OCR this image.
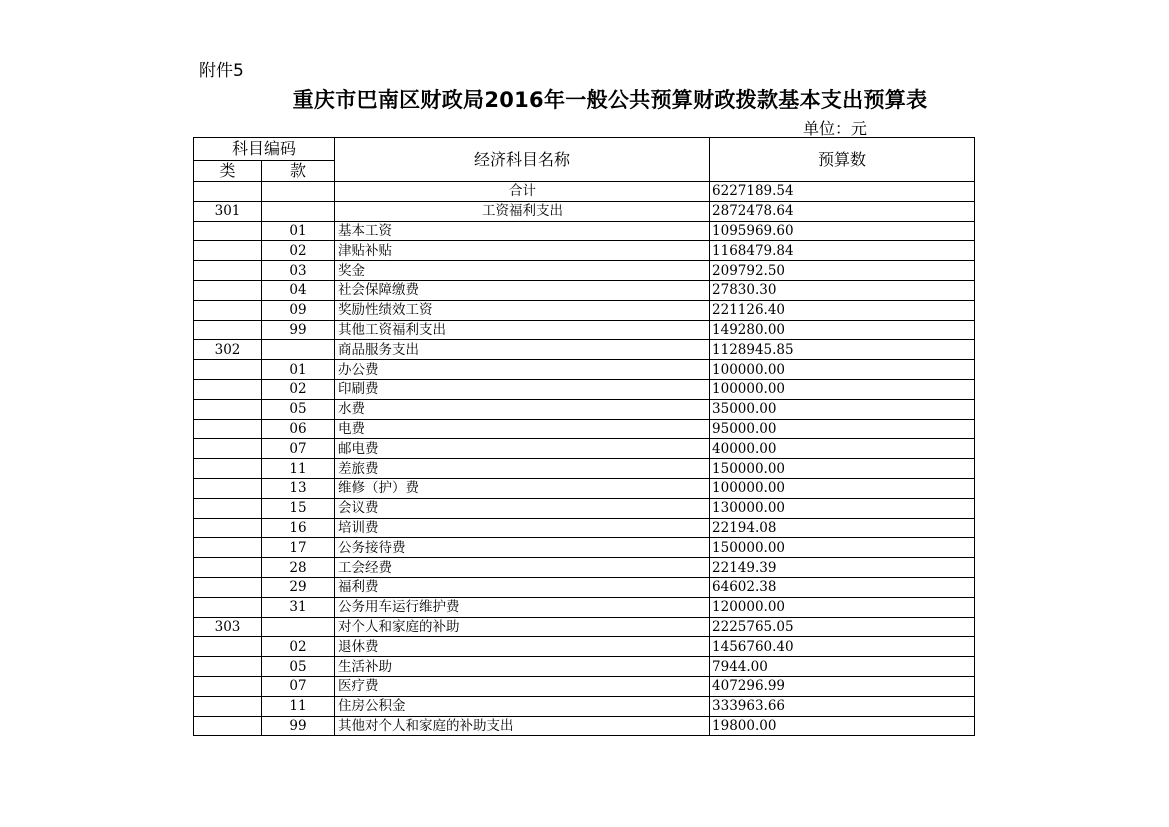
附件5
重庆市巴南区财政局2016年一般公共预算财政拨款基本支出预算表
单位：元
科目编码		经济科目名称	预算数
类	款		
		合计	6227189.54
301		工资福利支出	2872478.64
	01	基本工资	1095969.60
	02	津贴补贴	1168479.84
	03	奖金	209792.50
	04	社会保障缴费	27830.30
	09	奖励性绩效工资	221126.40
	99	其他工资福利支出	149280.00
302		商品服务支出	1128945.85
	01	办公费	100000.00
	02	印刷费	100000.00
	05	水费	35000.00
	06	电费	95000.00
	07	邮电费	40000.00
	11	差旅费	150000.00
	13	维修（护）费	100000.00
	15	会议费	130000.00
	16	培训费	22194.08
	17	公务接待费	150000.00
	28	工会经费	22149.39
	29	福利费	64602.38
	31	公务用车运行维护费	120000.00
303		对个人和家庭的补助	2225765.05
	02	退休费	1456760.40
	05	生活补助	7944.00
	07	医疗费	407296.99
	11	住房公积金	333963.66
	99	其他对个人和家庭的补助支出	19800.00
